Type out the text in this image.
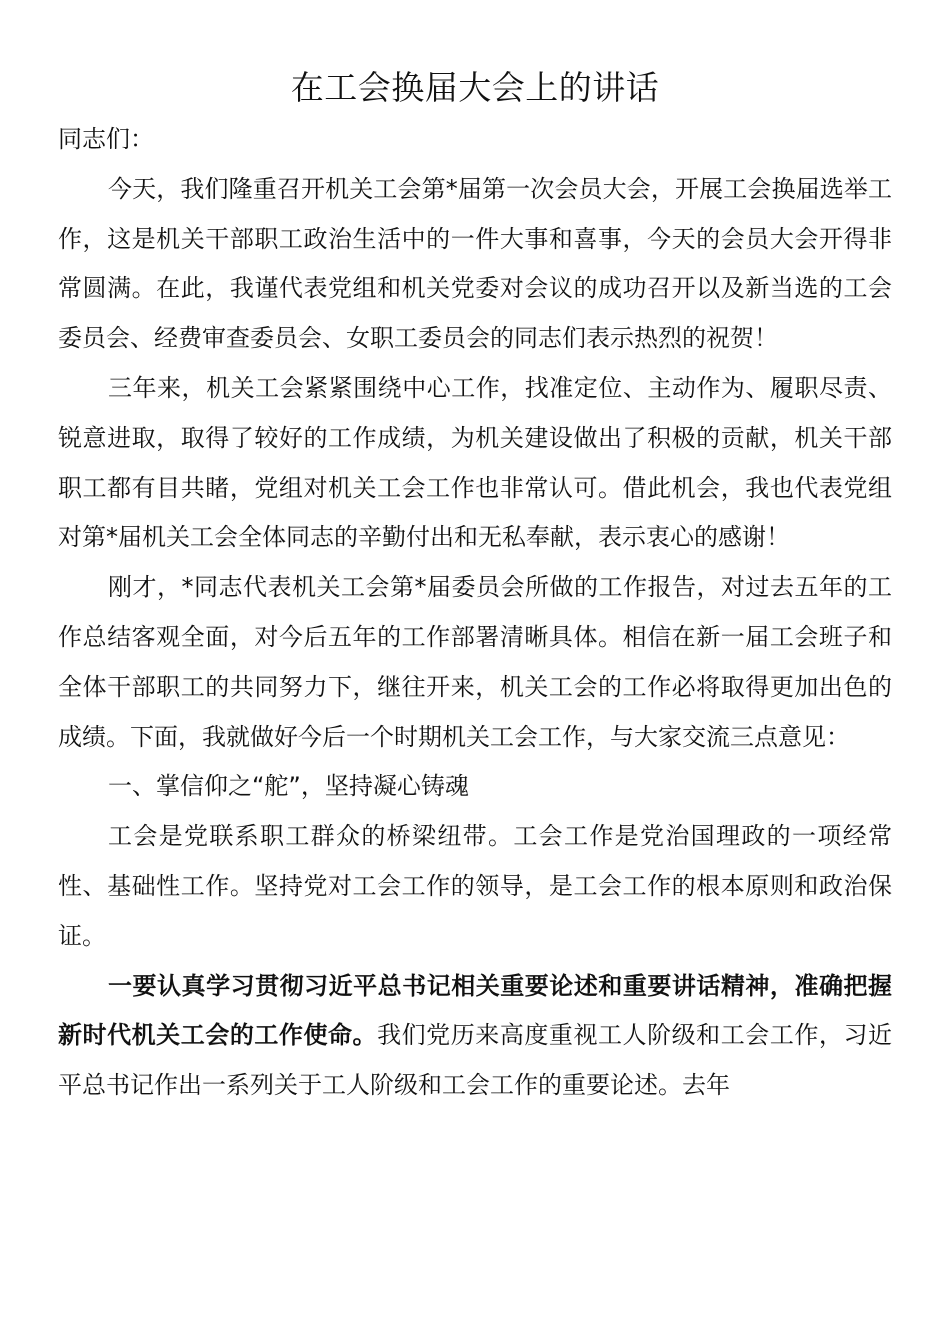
在工会换届大会上的讲话

同志们：

今天，我们隆重召开机关工会第*届第一次会员大会，开展工会换届选举工作，这是机关干部职工政治生活中的一件大事和喜事，今天的会员大会开得非常圆满。在此，我谨代表党组和机关党委对会议的成功召开以及新当选的工会委员会、经费审查委员会、女职工委员会的同志们表示热烈的祝贺！

三年来，机关工会紧紧围绕中心工作，找准定位、主动作为、履职尽责、锐意进取，取得了较好的工作成绩，为机关建设做出了积极的贡献，机关干部职工都有目共睹，党组对机关工会工作也非常认可。借此机会，我也代表党组对第*届机关工会全体同志的辛勤付出和无私奉献，表示衷心的感谢！

刚才，*同志代表机关工会第*届委员会所做的工作报告，对过去五年的工作总结客观全面，对今后五年的工作部署清晰具体。相信在新一届工会班子和全体干部职工的共同努力下，继往开来，机关工会的工作必将取得更加出色的成绩。下面，我就做好今后一个时期机关工会工作，与大家交流三点意见：

一、掌信仰之“舵”，坚持凝心铸魂

工会是党联系职工群众的桥梁纽带。工会工作是党治国理政的一项经常性、基础性工作。坚持党对工会工作的领导，是工会工作的根本原则和政治保证。

一要认真学习贯彻习近平总书记相关重要论述和重要讲话精神，准确把握新时代机关工会的工作使命。我们党历来高度重视工人阶级和工会工作，习近平总书记作出一系列关于工人阶级和工会工作的重要论述。去年
